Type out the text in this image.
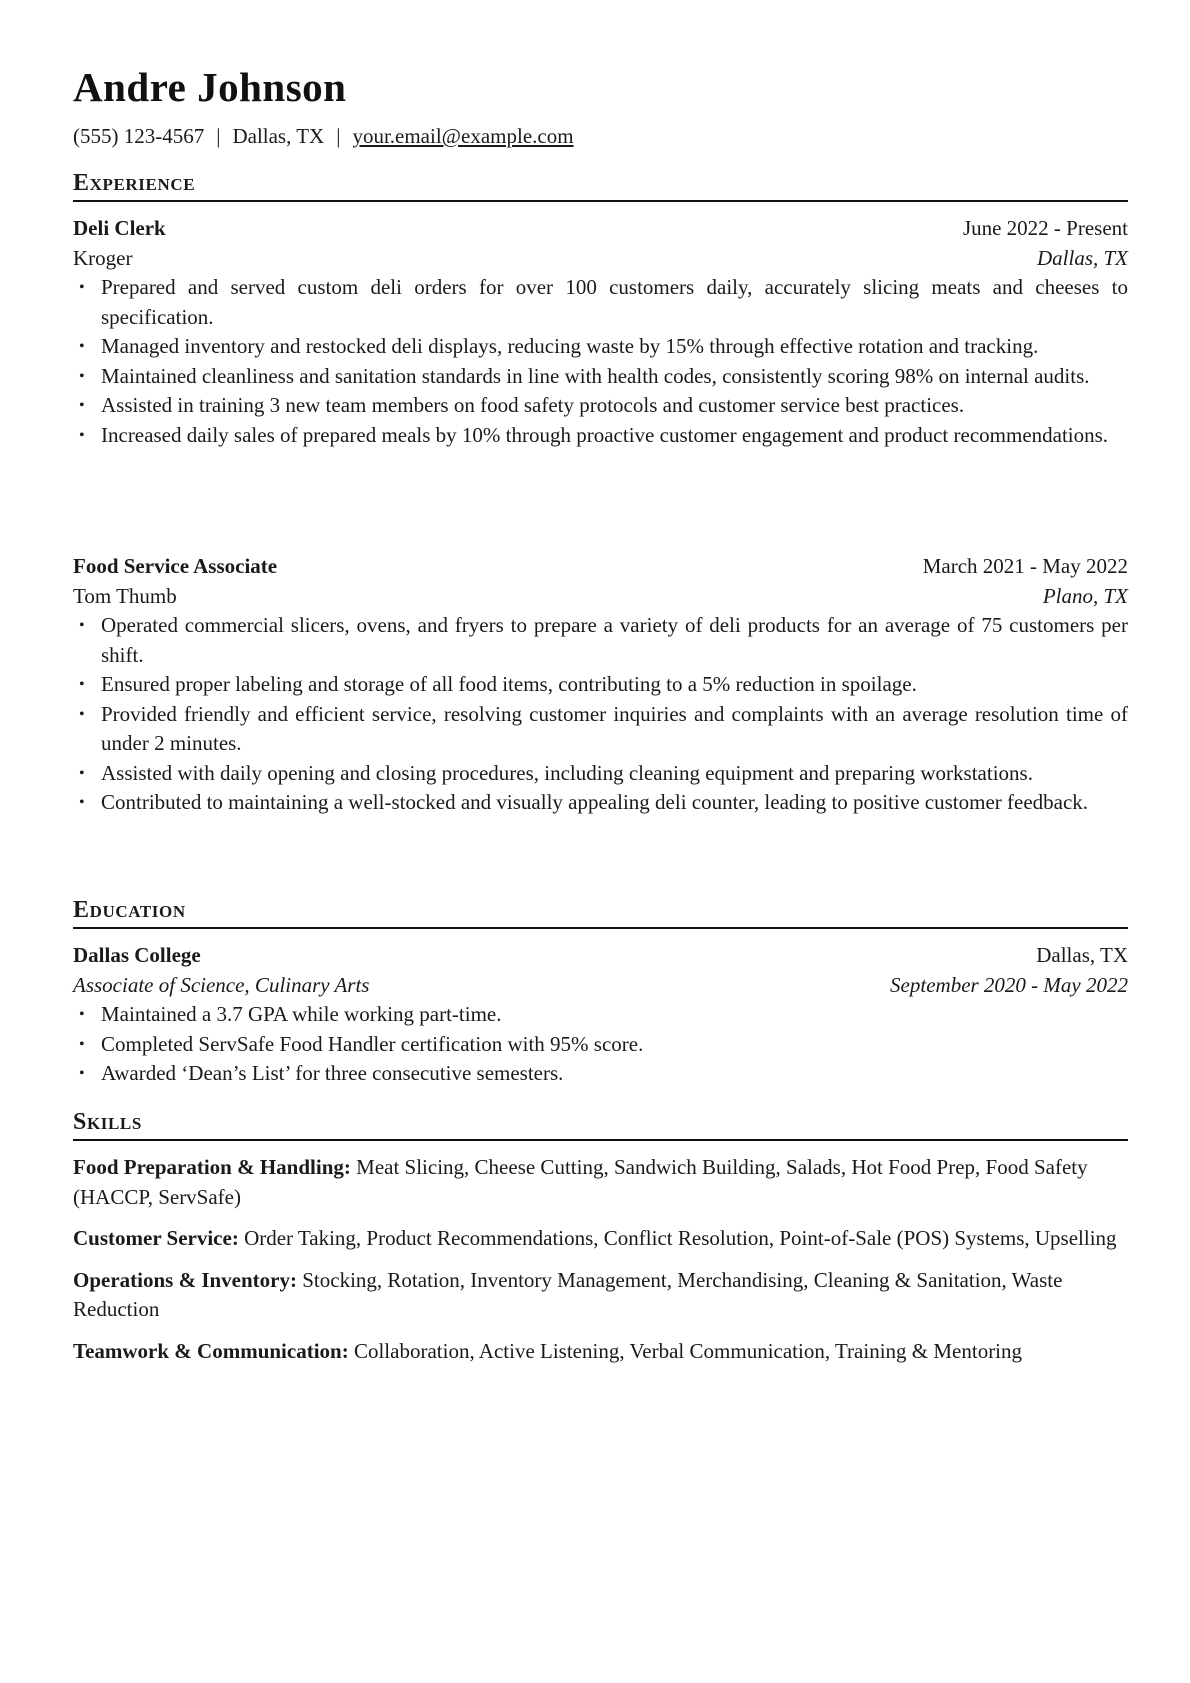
Andre Johnson
(555) 123-4567 | Dallas, TX | your.email@example.com
Experience
Deli Clerk	June 2022 - Present
Kroger	Dallas, TX
• Prepared and served custom deli orders for over 100 customers daily, accurately slicing meats and cheeses to specification.
• Managed inventory and restocked deli displays, reducing waste by 15% through effective rotation and tracking.
• Maintained cleanliness and sanitation standards in line with health codes, consistently scoring 98% on internal audits.
• Assisted in training 3 new team members on food safety protocols and customer service best practices.
• Increased daily sales of prepared meals by 10% through proactive customer engagement and product recommendations.
Food Service Associate	March 2021 - May 2022
Tom Thumb	Plano, TX
• Operated commercial slicers, ovens, and fryers to prepare a variety of deli products for an average of 75 customers per shift.
• Ensured proper labeling and storage of all food items, contributing to a 5% reduction in spoilage.
• Provided friendly and efficient service, resolving customer inquiries and complaints with an average resolution time of under 2 minutes.
• Assisted with daily opening and closing procedures, including cleaning equipment and preparing workstations.
• Contributed to maintaining a well-stocked and visually appealing deli counter, leading to positive customer feedback.
Education
Dallas College	Dallas, TX
Associate of Science, Culinary Arts	September 2020 - May 2022
• Maintained a 3.7 GPA while working part-time.
• Completed ServSafe Food Handler certification with 95% score.
• Awarded ‘Dean’s List’ for three consecutive semesters.
Skills
Food Preparation & Handling: Meat Slicing, Cheese Cutting, Sandwich Building, Salads, Hot Food Prep, Food Safety (HACCP, ServSafe)
Customer Service: Order Taking, Product Recommendations, Conflict Resolution, Point-of-Sale (POS) Systems, Upselling
Operations & Inventory: Stocking, Rotation, Inventory Management, Merchandising, Cleaning & Sanitation, Waste Reduction
Teamwork & Communication: Collaboration, Active Listening, Verbal Communication, Training & Mentoring
